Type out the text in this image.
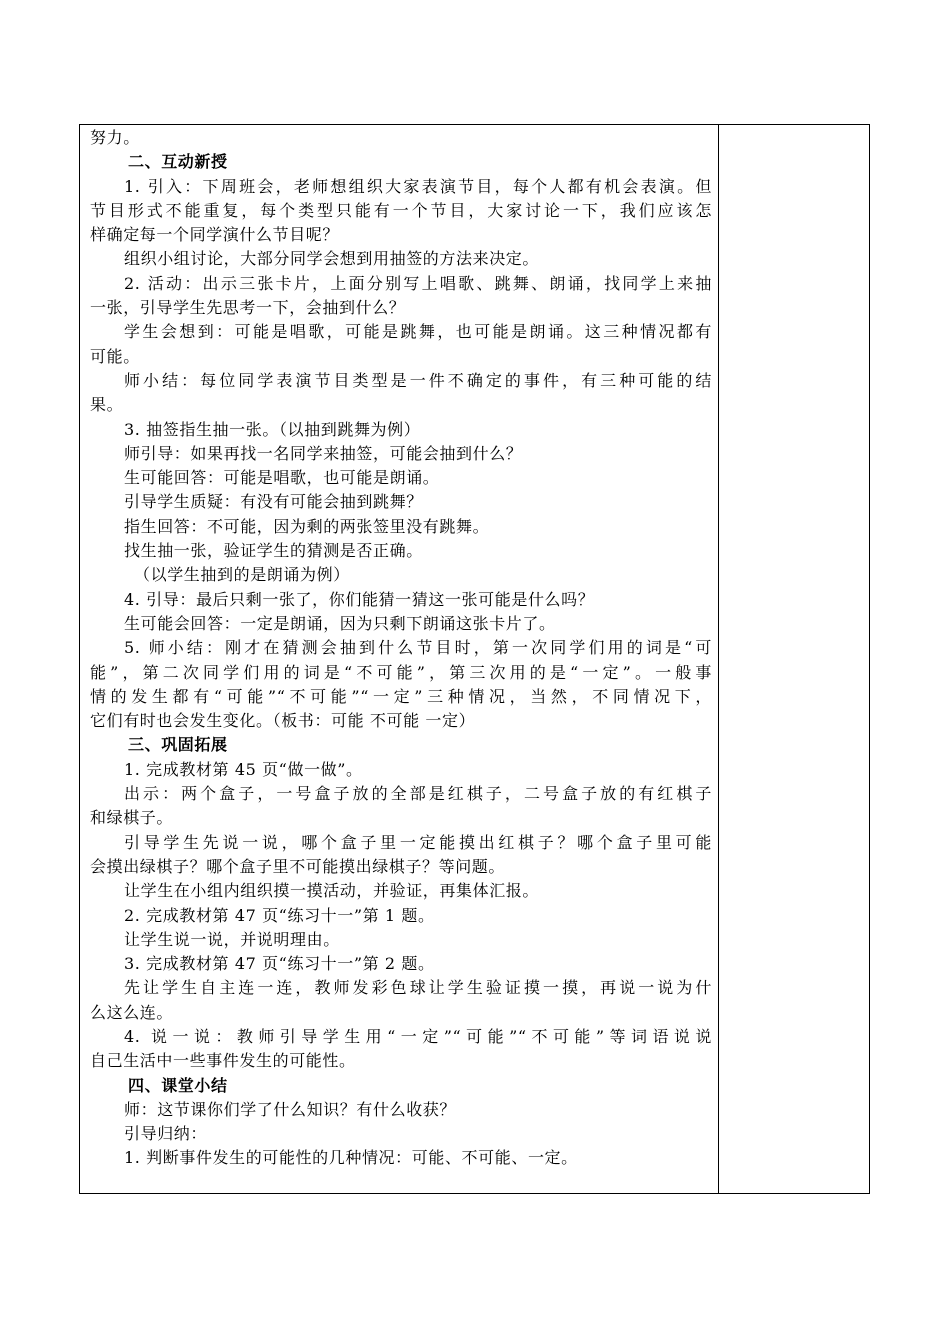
努力。
二、互动新授
1. 引入：下周班会，老师想组织大家表演节目，每个人都有机会表演。但
节目形式不能重复，每个类型只能有一个节目，大家讨论一下，我们应该怎
样确定每一个同学演什么节目呢？
组织小组讨论，大部分同学会想到用抽签的方法来决定。
2. 活动：出示三张卡片，上面分别写上唱歌、跳舞、朗诵，找同学上来抽
一张，引导学生先思考一下，会抽到什么？
学生会想到：可能是唱歌，可能是跳舞，也可能是朗诵。这三种情况都有
可能。
师小结：每位同学表演节目类型是一件不确定的事件，有三种可能的结
果。
3. 抽签指生抽一张。（以抽到跳舞为例）
师引导：如果再找一名同学来抽签，可能会抽到什么？
生可能回答：可能是唱歌，也可能是朗诵。
引导学生质疑：有没有可能会抽到跳舞？
指生回答：不可能，因为剩的两张签里没有跳舞。
找生抽一张，验证学生的猜测是否正确。
（以学生抽到的是朗诵为例）
4. 引导：最后只剩一张了，你们能猜一猜这一张可能是什么吗？
生可能会回答：一定是朗诵，因为只剩下朗诵这张卡片了。
5. 师小结：刚才在猜测会抽到什么节目时，第一次同学们用的词是“可
能”，第二次同学们用的词是“不可能”，第三次用的是“一定”。一般事
情的发生都有“可能”“不可能”“一定”三种情况，当然，不同情况下，
它们有时也会发生变化。（板书：可能 不可能 一定）
三、巩固拓展
1. 完成教材第 45 页“做一做”。
出示：两个盒子，一号盒子放的全部是红棋子，二号盒子放的有红棋子
和绿棋子。
引导学生先说一说，哪个盒子里一定能摸出红棋子？哪个盒子里可能
会摸出绿棋子？哪个盒子里不可能摸出绿棋子？等问题。
让学生在小组内组织摸一摸活动，并验证，再集体汇报。
2. 完成教材第 47 页“练习十一”第 1 题。
让学生说一说，并说明理由。
3. 完成教材第 47 页“练习十一”第 2 题。
先让学生自主连一连，教师发彩色球让学生验证摸一摸，再说一说为什
么这么连。
4. 说一说：教师引导学生用“一定”“可能”“不可能”等词语说说
自己生活中一些事件发生的可能性。
四、课堂小结
师：这节课你们学了什么知识？有什么收获？
引导归纳：
1. 判断事件发生的可能性的几种情况：可能、不可能、一定。
